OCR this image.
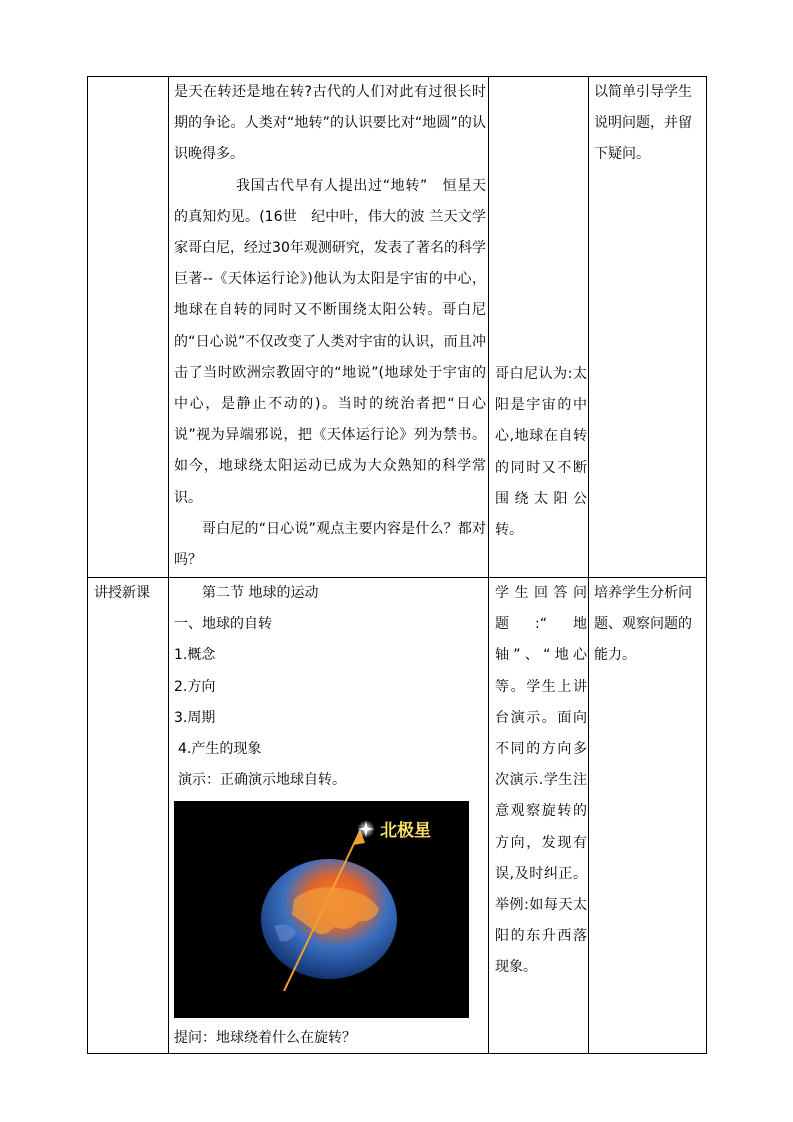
是天在转还是地在转?古代的人们对此有过很长时期的争论。人类对“地转”的认识要比对“地圆”的认识晚得多。

我国古代早有人提出过“地转”　恒星天的真知灼见。(16世　纪中叶，伟大的波 兰天文学家哥白尼，经过30年观测研究，发表了著名的科学巨著--《天体运行论》)他认为太阳是宇宙的中心，地球在自转的同时又不断围绕太阳公转。哥白尼的“日心说”不仅改变了人类对宇宙的认识，而且冲击了当时欧洲宗教固守的“地说”(地球处于宇宙的中心，是静止不动的)。当时的统治者把“日心说”视为异端邪说，把《天体运行论》列为禁书。如今，地球绕太阳运动已成为大众熟知的科学常识。

哥白尼的“日心说”观点主要内容是什么？都对吗？

哥白尼认为:太阳是宇宙的中心,地球在自转的同时又不断围绕太阳公转。
以简单引导学生说明问题，并留下疑问。
讲授新课	第二节 地球的运动

一、地球的自转

1.概念

2.方向

3.周期

4.产生的现象

演示：正确演示地球自转。

北极星
提问：地球绕着什么在旋转？
学生回答问题:“地轴”、“地心等。学生上讲台演示。面向不同的方向多次演示.学生注意观察旋转的方向，发现有误,及时纠正。举例:如每天太阳的东升西落现象。
培养学生分析问题、观察问题的能力。
